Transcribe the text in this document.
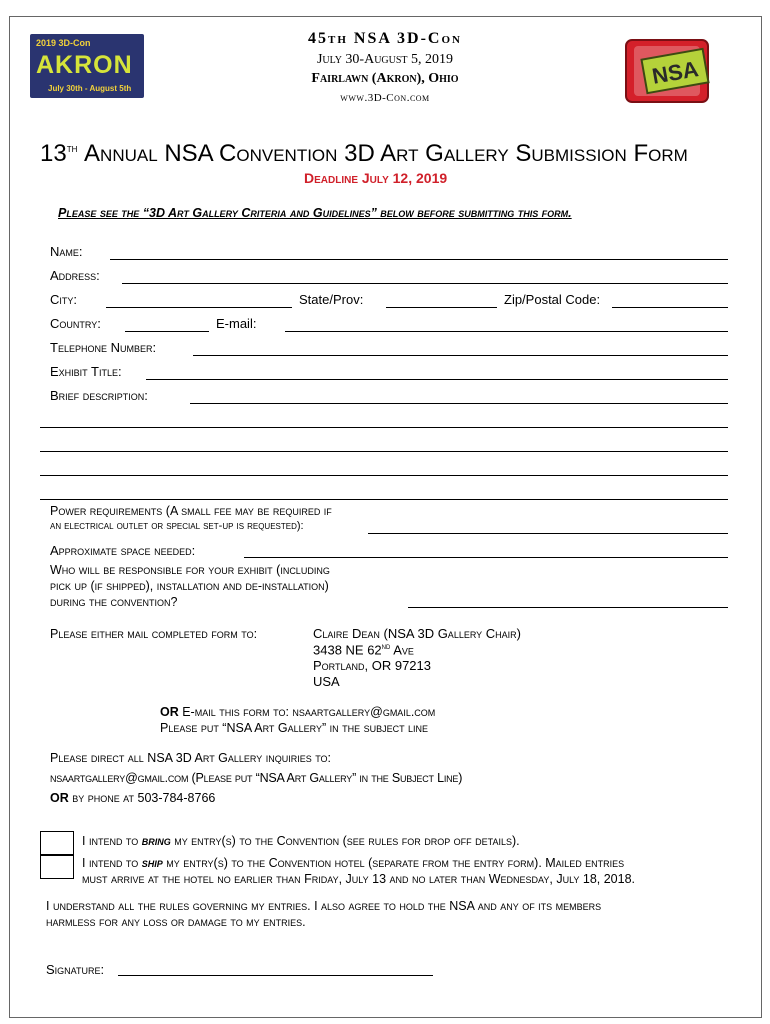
2019 3D-Con
AKRON
July 30th - August 5th
45th NSA 3D-Con
July 30-August 5, 2019
Fairlawn (Akron), Ohio
www.3D-Con.com
NSA
13th Annual NSA Convention 3D Art Gallery Submission Form
Deadline July 12, 2019
Please see the “3D Art Gallery Criteria and Guidelines” below before submitting this form.
Name:
Address:
City:	State/Prov:	Zip/Postal Code:
Country:	E-mail:
Telephone Number:
Exhibit Title:
Brief description:
Power requirements (A small fee may be required if
an electrical outlet or special set-up is requested):
Approximate space needed:
Who will be responsible for your exhibit (including
pick up (if shipped), installation and de-installation)
during the convention?
Please either mail completed form to:	Claire Dean (NSA 3D Gallery Chair)
3438 NE 62nd Ave
Portland, OR 97213
USA
OR E-mail this form to: nsaartgallery@gmail.com
Please put “NSA Art Gallery” in the subject line
Please direct all NSA 3D Art Gallery inquiries to:
nsaartgallery@gmail.com (Please put “NSA Art Gallery” in the Subject Line)
OR by phone at 503-784-8766
I intend to bring my entry(s) to the Convention (see rules for drop off details).
I intend to ship my entry(s) to the Convention hotel (separate from the entry form). Mailed entries
must arrive at the hotel no earlier than Friday, July 13 and no later than Wednesday, July 18, 2018.
I understand all the rules governing my entries. I also agree to hold the NSA and any of its members
harmless for any loss or damage to my entries.
Signature:
